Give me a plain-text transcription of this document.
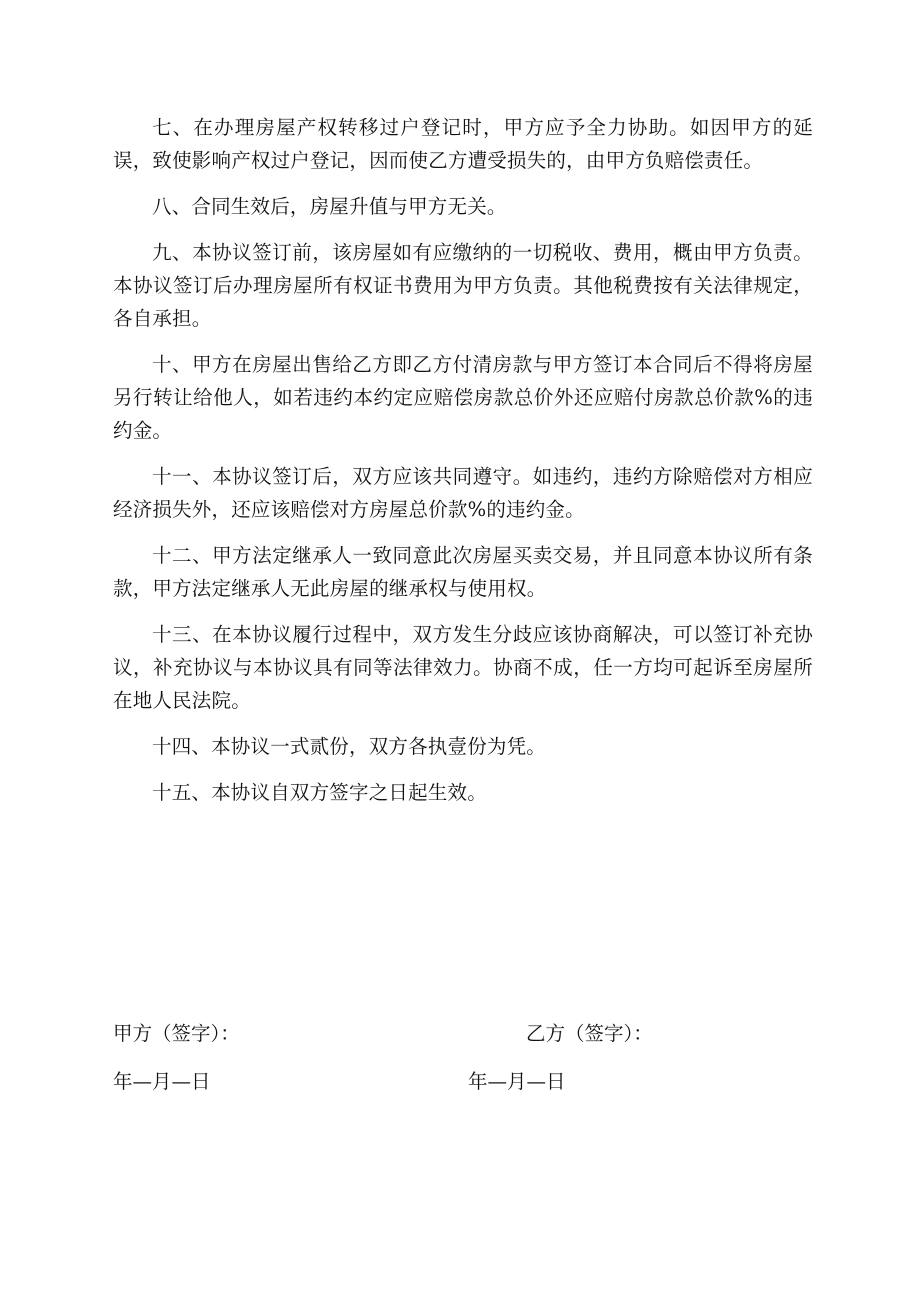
七、在办理房屋产权转移过户登记时，甲方应予全力协助。如因甲方的延误，致使影响产权过户登记，因而使乙方遭受损失的，由甲方负赔偿责任。

八、合同生效后，房屋升值与甲方无关。

九、本协议签订前，该房屋如有应缴纳的一切税收、费用，概由甲方负责。本协议签订后办理房屋所有权证书费用为甲方负责。其他税费按有关法律规定，各自承担。

十、甲方在房屋出售给乙方即乙方付清房款与甲方签订本合同后不得将房屋另行转让给他人，如若违约本约定应赔偿房款总价外还应赔付房款总价款%的违约金。

十一、本协议签订后，双方应该共同遵守。如违约，违约方除赔偿对方相应经济损失外，还应该赔偿对方房屋总价款%的违约金。

十二、甲方法定继承人一致同意此次房屋买卖交易，并且同意本协议所有条款，甲方法定继承人无此房屋的继承权与使用权。

十三、在本协议履行过程中，双方发生分歧应该协商解决，可以签订补充协议，补充协议与本协议具有同等法律效力。协商不成，任一方均可起诉至房屋所在地人民法院。

十四、本协议一式贰份，双方各执壹份为凭。

十五、本协议自双方签字之日起生效。

甲方（签字）：	乙方（签字）：
年—月—日	年—月—日
